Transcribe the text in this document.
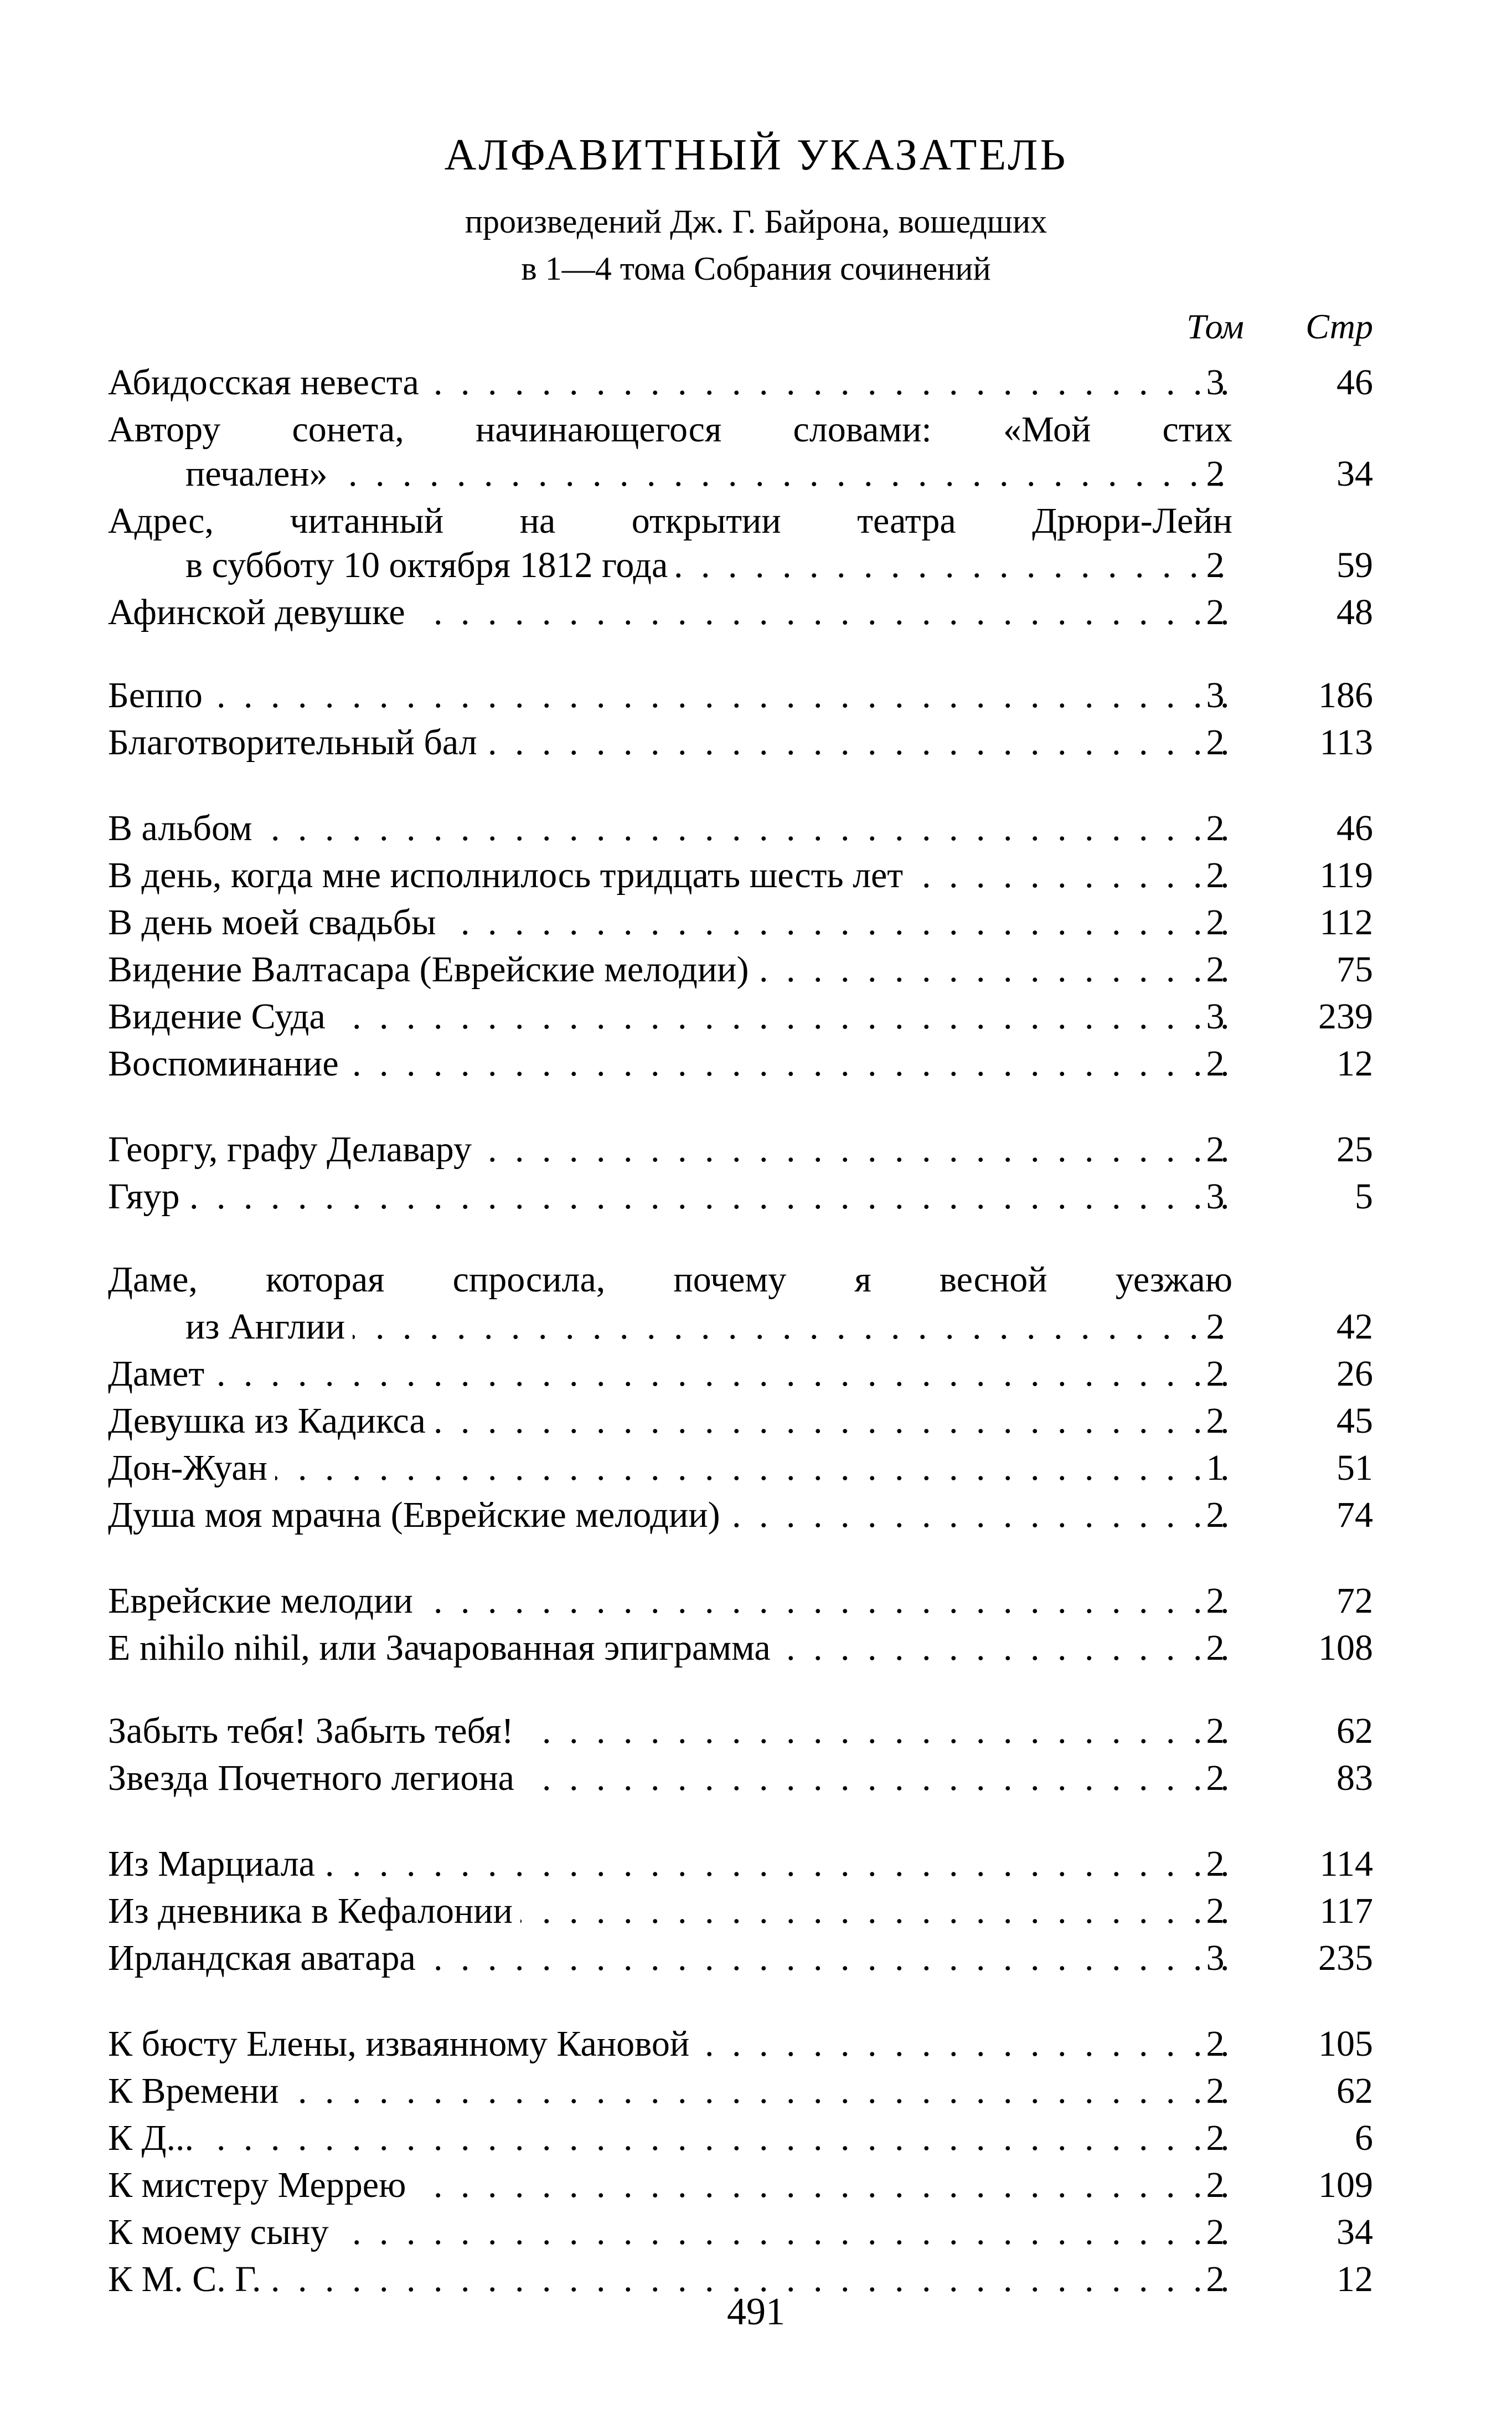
АЛФАВИТНЫЙ УКАЗАТЕЛЬ
произведений Дж. Г. Байрона, вошедших
в 1—4 тома Собрания сочинений
Том	Стр
Абидосская невеста
. . .	3	46
Автору сонета, начинающегося словами: «Мой стих
печален»
. . .	2	34
Адрес, читанный на открытии театра Дрюри-Лейн
в субботу 10 октября 1812 года
. . .	2	59
Афинской девушке
. . .	2	48
Беппо
. . .	3	186
Благотворительный бал
. . .	2	113
В альбом
. . .	2	46
В день, когда мне исполнилось тридцать шесть лет
. . .	2	119
В день моей свадьбы
. . .	2	112
Видение Валтасара (Еврейские мелодии)
. . .	2	75
Видение Суда
. . .	3	239
Воспоминание
. . .	2	12
Георгу, графу Делавару
. . .	2	25
Гяур
. . .	3	5
Даме, которая спросила, почему я весной уезжаю
из Англии
. . .	2	42
Дамет
. . .	2	26
Девушка из Кадикса
. . .	2	45
Дон-Жуан
. . .	1	51
Душа моя мрачна (Еврейские мелодии)
. . .	2	74
Еврейские мелодии
. . .	2	72
E nihilo nihil, или Зачарованная эпиграмма
. . .	2	108
Забыть тебя! Забыть тебя!
. . .	2	62
Звезда Почетного легиона
. . .	2	83
Из Марциала
. . .	2	114
Из дневника в Кефалонии
. . .	2	117
Ирландская аватара
. . .	3	235
К бюсту Елены, изваянному Кановой
. . .	2	105
К Времени
. . .	2	62
К Д...
. . .	2	6
К мистеру Меррею
. . .	2	109
К моему сыну
. . .	2	34
К М. С. Г.
. . .	2	12
491
